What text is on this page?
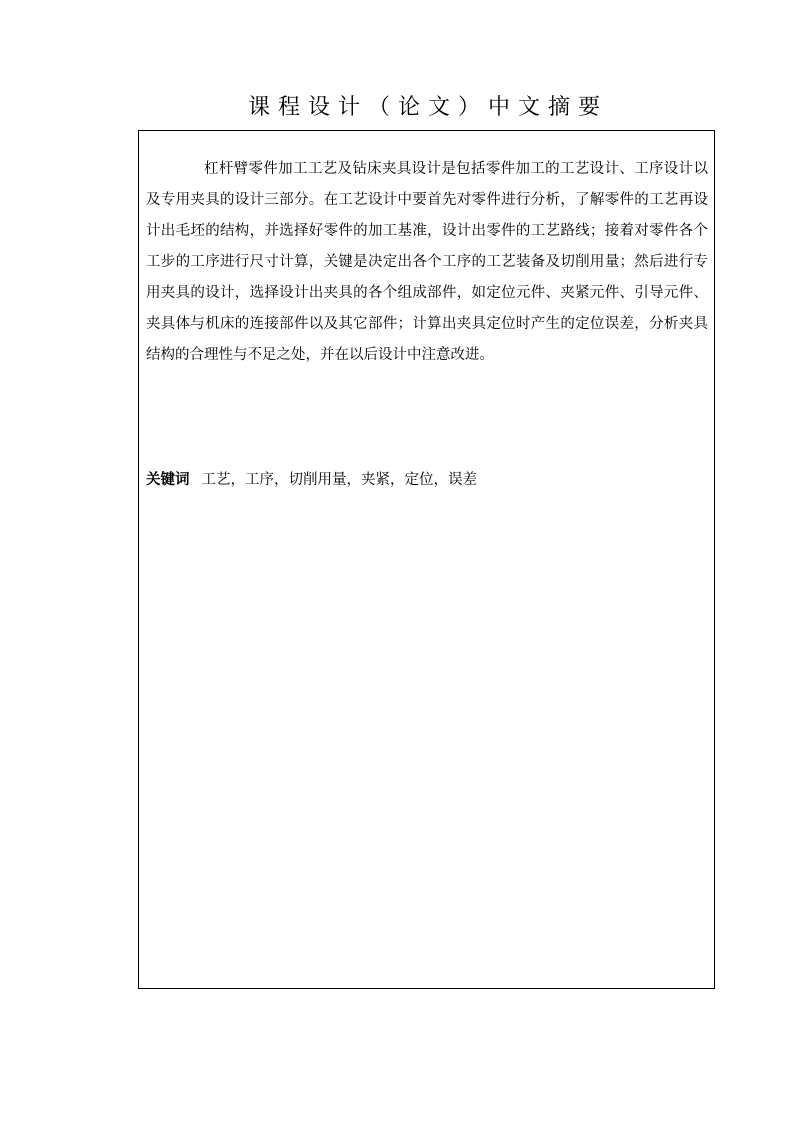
课程设计（论文）中文摘要

杠杆臂零件加工工艺及钻床夹具设计是包括零件加工的工艺设计、工序设计以及专用夹具的设计三部分。在工艺设计中要首先对零件进行分析，了解零件的工艺再设计出毛坯的结构，并选择好零件的加工基准，设计出零件的工艺路线；接着对零件各个工步的工序进行尺寸计算，关键是决定出各个工序的工艺装备及切削用量；然后进行专用夹具的设计，选择设计出夹具的各个组成部件，如定位元件、夹紧元件、引导元件、夹具体与机床的连接部件以及其它部件；计算出夹具定位时产生的定位误差，分析夹具结构的合理性与不足之处，并在以后设计中注意改进。

关键词 工艺，工序，切削用量，夹紧，定位，误差
